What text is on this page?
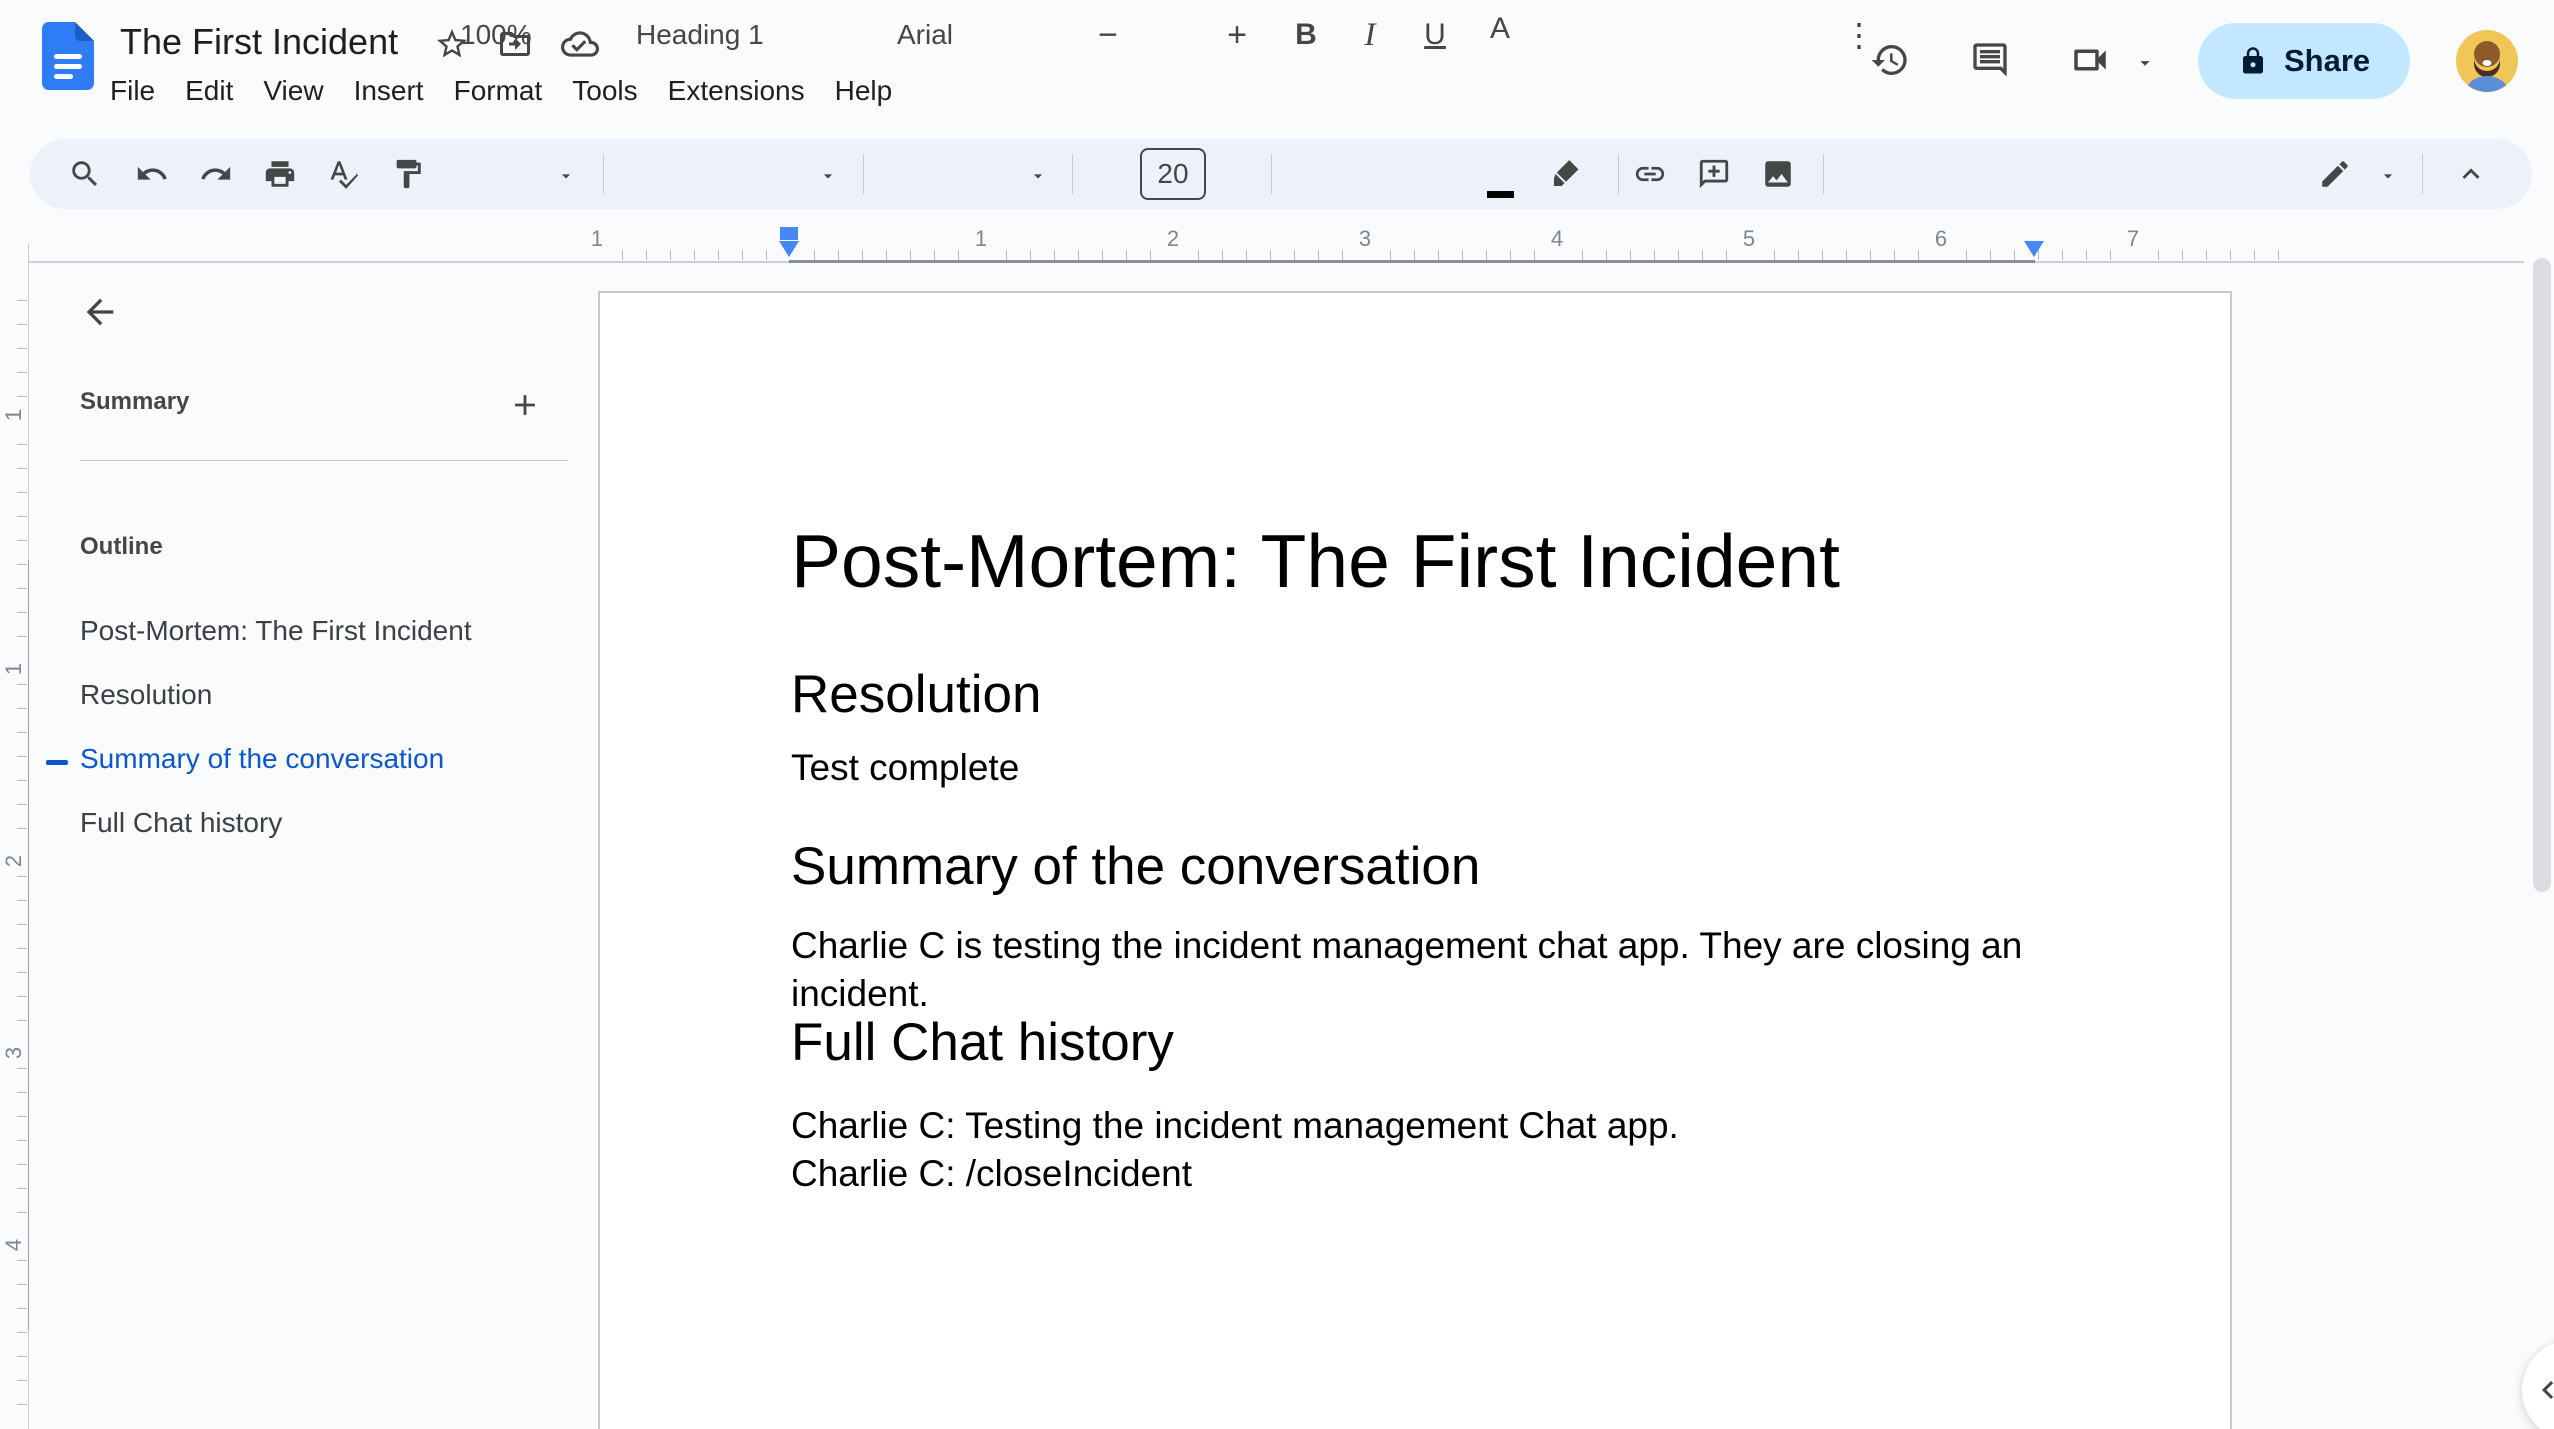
The First Incident
File	Edit	View	Insert	Format	Tools	Extensions	Help
Share
100%	Heading 1	Arial	−
20
+ B I U A	⋮
1	1	2	3	4	5	6	7
1
1
2
3
4
Summary
Outline
Post-Mortem: The First Incident
Resolution
Summary of the conversation
Full Chat history
Post-Mortem: The First Incident
Resolution
Test complete
Summary of the conversation
Charlie C is testing the incident management chat app. They are closing an incident.
Full Chat history
Charlie C: Testing the incident management Chat app.
Charlie C: /closeIncident
